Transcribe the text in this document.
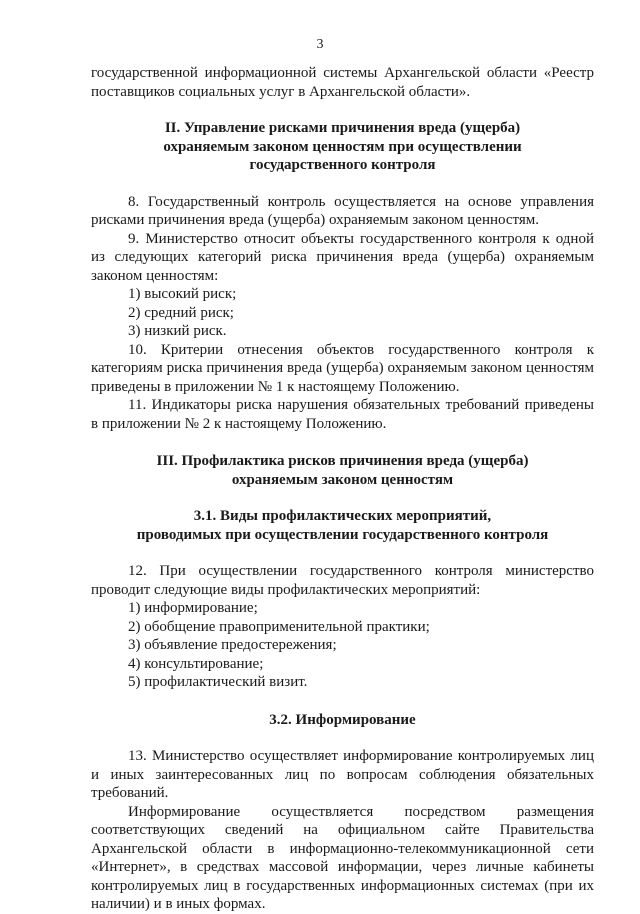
3

государственной информационной системы Архангельской области «Реестр поставщиков социальных услуг в Архангельской области».

II. Управление рисками причинения вреда (ущерба)
охраняемым законом ценностям при осуществлении
государственного контроля

8. Государственный контроль осуществляется на основе управления рисками причинения вреда (ущерба) охраняемым законом ценностям.

9. Министерство относит объекты государственного контроля к одной из следующих категорий риска причинения вреда (ущерба) охраняемым законом ценностям:

1) высокий риск;
2) средний риск;
3) низкий риск.

10. Критерии отнесения объектов государственного контроля к категориям риска причинения вреда (ущерба) охраняемым законом ценностям приведены в приложении № 1 к настоящему Положению.

11. Индикаторы риска нарушения обязательных требований приведены в приложении № 2 к настоящему Положению.

III. Профилактика рисков причинения вреда (ущерба)
охраняемым законом ценностям
3.1. Виды профилактических мероприятий,
проводимых при осуществлении государственного контроля

12. При осуществлении государственного контроля министерство проводит следующие виды профилактических мероприятий:

1) информирование;
2) обобщение правоприменительной практики;
3) объявление предостережения;
4) консультирование;
5) профилактический визит.
3.2. Информирование

13. Министерство осуществляет информирование контролируемых лиц и иных заинтересованных лиц по вопросам соблюдения обязательных требований.

Информирование осуществляется посредством размещения соответствующих сведений на официальном сайте Правительства Архангельской области в информационно-телекоммуникационной сети «Интернет», в средствах массовой информации, через личные кабинеты контролируемых лиц в государственных информационных системах (при их наличии) и в иных формах.
